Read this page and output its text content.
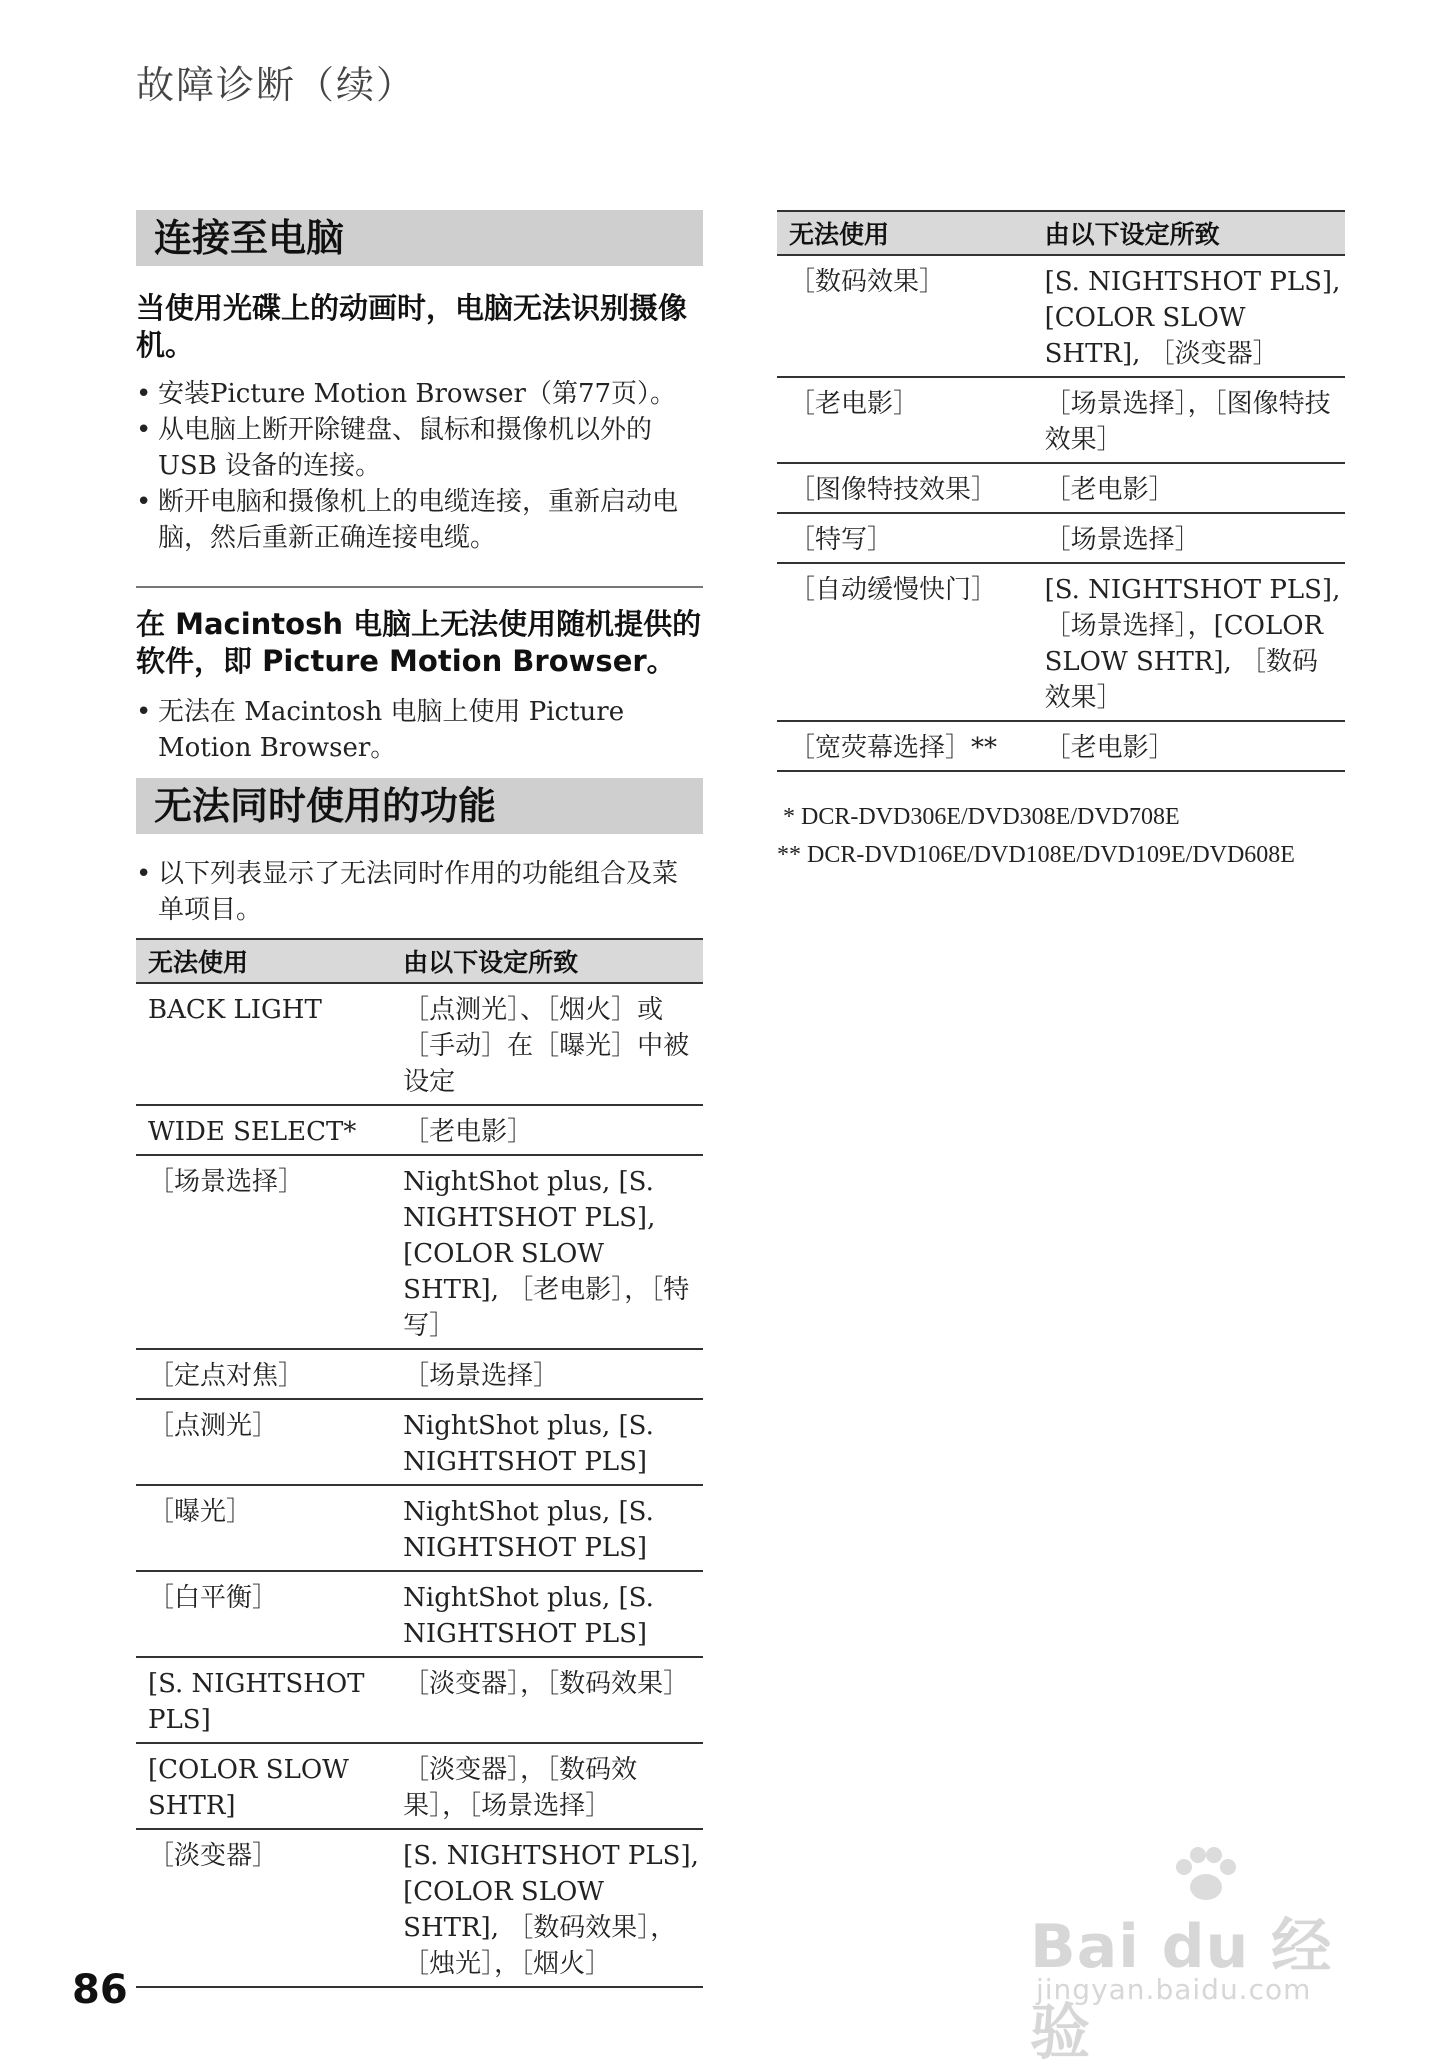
故障诊断（续）
连接至电脑

当使用光碟上的动画时，电脑无法识别摄像机。

• 安装Picture Motion Browser（第77页）。
• 从电脑上断开除键盘、鼠标和摄像机以外的 USB 设备的连接。
• 断开电脑和摄像机上的电缆连接，重新启动电脑，然后重新正确连接电缆。

在 Macintosh 电脑上无法使用随机提供的软件，即 Picture Motion Browser。

• 无法在 Macintosh 电脑上使用 Picture Motion Browser。
无法同时使用的功能
• 以下列表显示了无法同时作用的功能组合及菜单项目。
无法使用	由以下设定所致
BACK LIGHT	［点测光］、［烟火］或［手动］在［曝光］中被设定
WIDE SELECT*	［老电影］
［场景选择］	NightShot plus, [S. NIGHTSHOT PLS], [COLOR SLOW SHTR], ［老电影］，［特写］
［定点对焦］	［场景选择］
［点测光］	NightShot plus, [S. NIGHTSHOT PLS]
［曝光］	NightShot plus, [S. NIGHTSHOT PLS]
［白平衡］	NightShot plus, [S. NIGHTSHOT PLS]
[S. NIGHTSHOT PLS]	［淡变器］，［数码效果］
[COLOR SLOW SHTR]	［淡变器］，［数码效果］，［场景选择］
［淡变器］	[S. NIGHTSHOT PLS], [COLOR SLOW SHTR], ［数码效果］，［烛光］，［烟火］
无法使用	由以下设定所致
［数码效果］	[S. NIGHTSHOT PLS], [COLOR SLOW SHTR], ［淡变器］
［老电影］	［场景选择］，［图像特技效果］
［图像特技效果］	［老电影］
［特写］	［场景选择］
［自动缓慢快门］	[S. NIGHTSHOT PLS], ［场景选择］，[COLOR SLOW SHTR], ［数码效果］
［宽荧幕选择］**	［老电影］
* DCR-DVD306E/DVD308E/DVD708E
** DCR-DVD106E/DVD108E/DVD109E/DVD608E
86
Bai du 经验
jingyan.baidu.com
